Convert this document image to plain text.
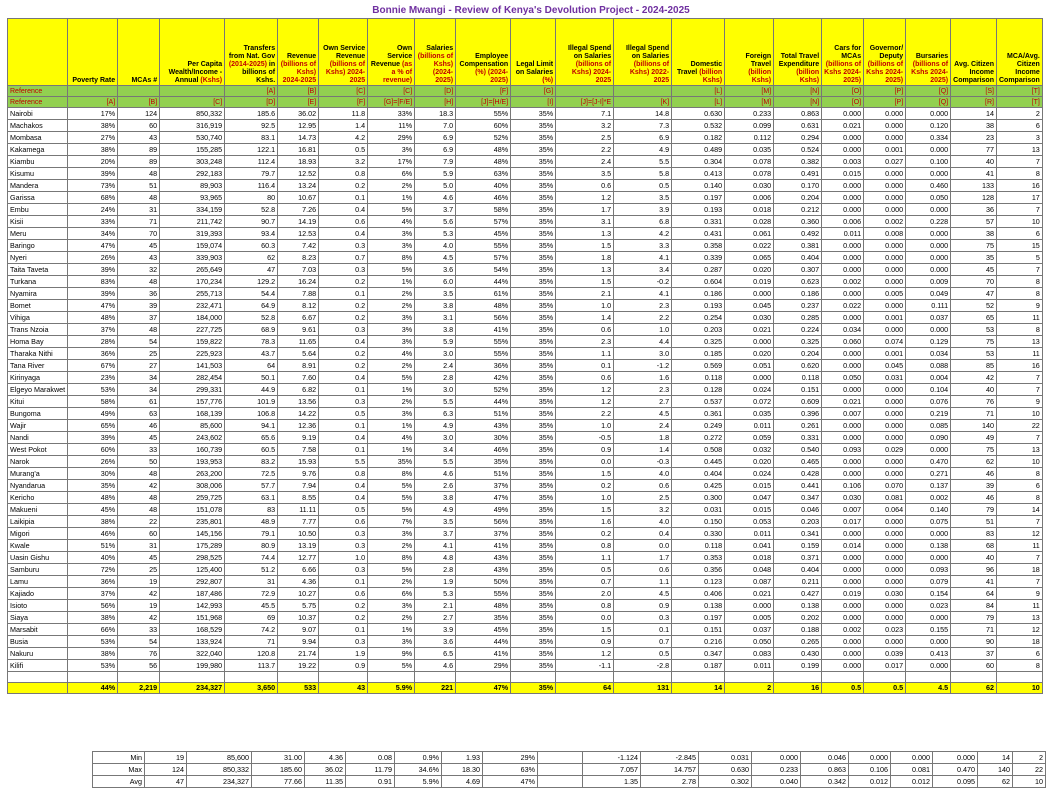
Bonnie Mwangi - Review of Kenya's Devolution Project - 2024-2025
	Poverty Rate	MCAs #	Per Capita Wealth/Income - Annual (Kshs)	Transfers from Nat. Gov (2014-2025) in billions of Kshs.	Revenue (billions of Kshs) 2024-2025	Own Service Revenue (billions of Kshs) 2024-2025	Own Service Revenue (as a % of revenue)	Salaries (billions of Kshs) (2024-2025)	Employee Compensation (%) (2024-2025)	Legal Limit on Salaries (%)	Illegal Spend on Salaries (billions of Kshs) 2024-2025	Illegal Spend on Salaries (billions of Kshs) 2022-2025	Domestic Travel (billion Kshs)	Foreign Travel (billion Kshs)	Total Travel Expenditure (billion Kshs)	Cars for MCAs (billions of Kshs 2024-2025)	Governor/ Deputy (billions of Kshs 2024-2025)	Bursaries (billions of Kshs 2024-2025)	Avg. Citizen Income Comparison	MCA/Avg. Citizen Income Comparison
Reference				[A]	[B]	[C]	[C]	[D]	[F]	[G]			[L]	[M]	[N]	[O]	[P]	[Q]	[S]	[T]
Reference	[A]	[B]	[C]	[D]	[E]	[F]	[G]=[F/E]	[H]	[J]=[H/E]	[I]	[J]=[J-I]*E	[K]	[L]	[M]	[N]	[O]	[P]	[Q]	[R]	[T]
Nairobi	17%	124	850,332	185.6	36.02	11.8	33%	18.3	55%	35%	7.1	14.8	0.630	0.233	0.863	0.000	0.000	0.000	14	2
Machakos	38%	60	316,919	92.5	12.95	1.4	11%	7.0	60%	35%	3.2	7.3	0.532	0.099	0.631	0.021	0.000	0.120	38	6
Mombasa	27%	43	530,740	83.1	14.73	4.2	29%	6.9	52%	35%	2.5	6.9	0.182	0.112	0.294	0.000	0.000	0.334	23	3
Kakamega	38%	89	155,285	122.1	16.81	0.5	3%	6.9	48%	35%	2.2	4.9	0.489	0.035	0.524	0.000	0.001	0.000	77	13
Kiambu	20%	89	303,248	112.4	18.93	3.2	17%	7.9	48%	35%	2.4	5.5	0.304	0.078	0.382	0.003	0.027	0.100	40	7
Kisumu	39%	48	292,183	79.7	12.52	0.8	6%	5.9	63%	35%	3.5	5.8	0.413	0.078	0.491	0.015	0.000	0.000	41	8
Mandera	73%	51	89,903	116.4	13.24	0.2	2%	5.0	40%	35%	0.6	0.5	0.140	0.030	0.170	0.000	0.000	0.460	133	16
Garissa	68%	48	93,965	80	10.67	0.1	1%	4.6	46%	35%	1.2	3.5	0.197	0.006	0.204	0.000	0.000	0.050	128	17
Embu	24%	31	334,159	52.8	7.26	0.4	5%	3.7	58%	35%	1.7	3.9	0.193	0.018	0.212	0.000	0.000	0.000	36	7
Kisii	33%	71	211,742	90.7	14.19	0.6	4%	5.6	57%	35%	3.1	6.8	0.331	0.028	0.360	0.006	0.002	0.228	57	10
Meru	34%	70	319,393	93.4	12.53	0.4	3%	5.3	45%	35%	1.3	4.2	0.431	0.061	0.492	0.011	0.008	0.000	38	6
Baringo	47%	45	159,074	60.3	7.42	0.3	3%	4.0	55%	35%	1.5	3.3	0.358	0.022	0.381	0.000	0.000	0.000	75	15
Nyeri	26%	43	339,903	62	8.23	0.7	8%	4.5	57%	35%	1.8	4.1	0.339	0.065	0.404	0.000	0.000	0.000	35	5
Taita Taveta	39%	32	265,649	47	7.03	0.3	5%	3.6	54%	35%	1.3	3.4	0.287	0.020	0.307	0.000	0.000	0.000	45	7
Turkana	83%	48	170,234	129.2	16.24	0.2	1%	6.0	44%	35%	1.5	-0.2	0.604	0.019	0.623	0.002	0.000	0.009	70	8
Nyamira	39%	36	255,713	54.4	7.88	0.1	2%	3.5	61%	35%	2.1	4.1	0.186	0.000	0.186	0.000	0.005	0.049	47	8
Bomet	47%	39	232,471	64.9	8.12	0.2	2%	3.8	48%	35%	1.0	2.3	0.193	0.045	0.237	0.022	0.000	0.111	52	9
Vihiga	48%	37	184,000	52.8	6.67	0.2	3%	3.1	56%	35%	1.4	2.2	0.254	0.030	0.285	0.000	0.001	0.037	65	11
Trans Nzoia	37%	48	227,725	68.9	9.61	0.3	3%	3.8	41%	35%	0.6	1.0	0.203	0.021	0.224	0.034	0.000	0.000	53	8
Homa Bay	28%	54	159,822	78.3	11.65	0.4	3%	5.9	55%	35%	2.3	4.4	0.325	0.000	0.325	0.060	0.074	0.129	75	13
Tharaka Nithi	36%	25	225,923	43.7	5.64	0.2	4%	3.0	55%	35%	1.1	3.0	0.185	0.020	0.204	0.000	0.001	0.034	53	11
Tana River	67%	27	141,503	64	8.91	0.2	2%	2.4	36%	35%	0.1	-1.2	0.569	0.051	0.620	0.000	0.045	0.088	85	16
Kirinyaga	23%	34	282,454	50.1	7.60	0.4	5%	2.8	42%	35%	0.6	1.6	0.118	0.000	0.118	0.050	0.031	0.004	42	7
Elgeyo Marakwet	53%	34	299,331	44.9	6.82	0.1	1%	3.0	52%	35%	1.2	2.3	0.128	0.024	0.151	0.000	0.000	0.104	40	7
Kitui	58%	61	157,776	101.9	13.56	0.3	2%	5.5	44%	35%	1.2	2.7	0.537	0.072	0.609	0.021	0.000	0.076	76	9
Bungoma	49%	63	168,139	106.8	14.22	0.5	3%	6.3	51%	35%	2.2	4.5	0.361	0.035	0.396	0.007	0.000	0.219	71	10
Wajir	65%	46	85,600	94.1	12.36	0.1	1%	4.9	43%	35%	1.0	2.4	0.249	0.011	0.261	0.000	0.000	0.085	140	22
Nandi	39%	45	243,602	65.6	9.19	0.4	4%	3.0	30%	35%	-0.5	1.8	0.272	0.059	0.331	0.000	0.000	0.090	49	7
West Pokot	60%	33	160,739	60.5	7.58	0.1	1%	3.4	46%	35%	0.9	1.4	0.508	0.032	0.540	0.093	0.029	0.000	75	13
Narok	26%	50	193,953	83.2	15.93	5.5	35%	5.5	35%	35%	0.0	-0.3	0.445	0.020	0.465	0.000	0.000	0.470	62	10
Murang'a	30%	48	263,200	72.5	9.76	0.8	8%	4.6	51%	35%	1.5	4.0	0.404	0.024	0.428	0.000	0.000	0.271	46	8
Nyandarua	35%	42	308,006	57.7	7.94	0.4	5%	2.6	37%	35%	0.2	0.6	0.425	0.015	0.441	0.106	0.070	0.137	39	6
Kericho	48%	48	259,725	63.1	8.55	0.4	5%	3.8	47%	35%	1.0	2.5	0.300	0.047	0.347	0.030	0.081	0.002	46	8
Makueni	45%	48	151,078	83	11.11	0.5	5%	4.9	49%	35%	1.5	3.2	0.031	0.015	0.046	0.007	0.064	0.140	79	14
Laikipia	38%	22	235,801	48.9	7.77	0.6	7%	3.5	56%	35%	1.6	4.0	0.150	0.053	0.203	0.017	0.000	0.075	51	7
Migori	46%	60	145,156	79.1	10.50	0.3	3%	3.7	37%	35%	0.2	0.4	0.330	0.011	0.341	0.000	0.000	0.000	83	12
Kwale	51%	31	175,289	80.9	13.19	0.3	2%	4.1	41%	35%	0.8	0.0	0.118	0.041	0.159	0.014	0.000	0.138	68	11
Uasin Gishu	40%	45	298,525	74.4	12.77	1.0	8%	4.8	43%	35%	1.1	1.7	0.353	0.018	0.371	0.000	0.000	0.000	40	7
Samburu	72%	25	125,400	51.2	6.66	0.3	5%	2.8	43%	35%	0.5	0.6	0.356	0.048	0.404	0.000	0.000	0.093	96	18
Lamu	36%	19	292,807	31	4.36	0.1	2%	1.9	50%	35%	0.7	1.1	0.123	0.087	0.211	0.000	0.000	0.079	41	7
Kajiado	37%	42	187,486	72.9	10.27	0.6	6%	5.3	55%	35%	2.0	4.5	0.406	0.021	0.427	0.019	0.030	0.154	64	9
Isioto	56%	19	142,993	45.5	5.75	0.2	3%	2.1	48%	35%	0.8	0.9	0.138	0.000	0.138	0.000	0.000	0.023	84	11
Siaya	38%	42	151,968	69	10.37	0.2	2%	2.7	35%	35%	0.0	0.3	0.197	0.005	0.202	0.000	0.000	0.000	79	13
Marsabit	66%	33	168,529	74.2	9.07	0.1	1%	3.9	45%	35%	1.5	0.1	0.151	0.037	0.188	0.002	0.023	0.155	71	12
Busia	53%	54	133,924	71	9.94	0.3	3%	3.6	44%	35%	0.9	0.7	0.216	0.050	0.265	0.000	0.000	0.000	90	18
Nakuru	38%	76	322,040	120.8	21.74	1.9	9%	6.5	41%	35%	1.2	0.5	0.347	0.083	0.430	0.000	0.039	0.413	37	6
Kilifi	53%	56	199,980	113.7	19.22	0.9	5%	4.6	29%	35%	-1.1	-2.8	0.187	0.011	0.199	0.000	0.017	0.000	60	8

	44%	2,219	234,327	3,650	533	43	5.9%	221	47%	35%	64	131	14	2	16	0.5	0.5	4.5	62	10
Min	19	85,600	31.00	4.36	0.08	0.9%	1.93	29%		-1.124	-2.845	0.031	0.000	0.046	0.000	0.000	0.000	14	2
Max	124	850,332	185.60	36.02	11.79	34.6%	18.30	63%		7.057	14.757	0.630	0.233	0.863	0.106	0.081	0.470	140	22
Avg	47	234,327	77.66	11.35	0.91	5.9%	4.69	47%		1.35	2.78	0.302	0.040	0.342	0.012	0.012	0.095	62	10
